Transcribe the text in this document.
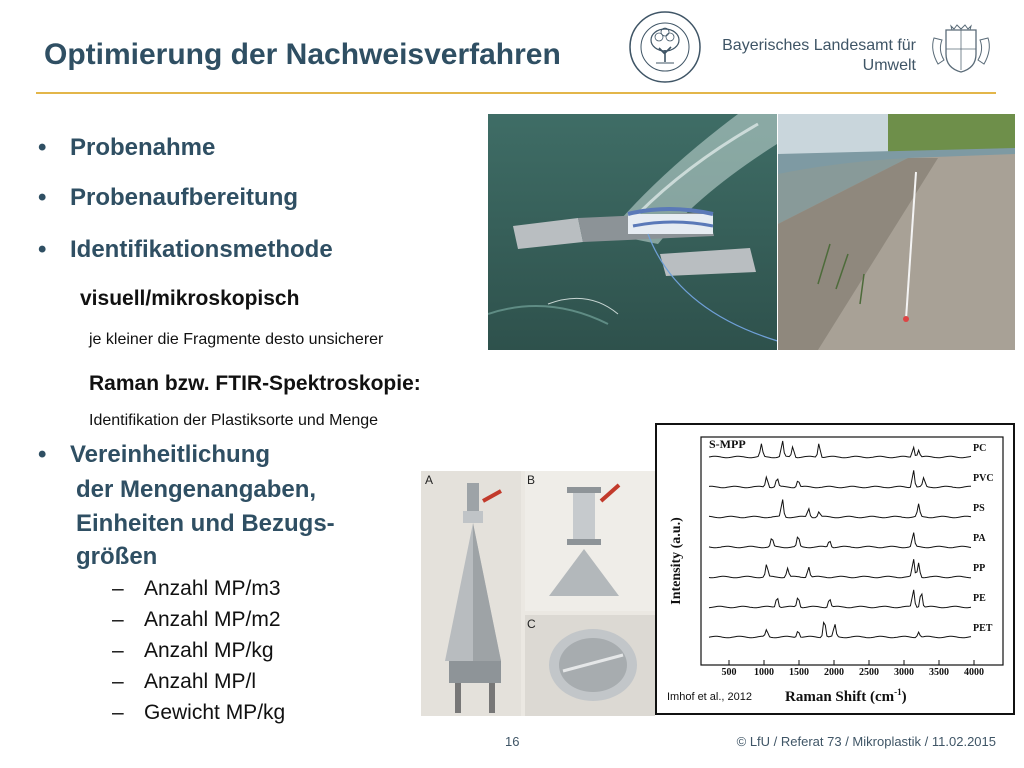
Optimierung der Nachweisverfahren	Bayerisches Landesamt für
Umwelt
• Probenahme
• Probenaufbereitung
• Identifikationsmethode
visuell/mikroskopisch
je kleiner die Fragmente desto unsicherer
Raman bzw. FTIR-Spektroskopie:
Identifikation der Plastiksorte und Menge
• Vereinheitlichung
der Mengenangaben,
Einheiten und Bezugs-
größen
– Anzahl MP/m3
– Anzahl MP/m2
– Anzahl MP/kg
– Anzahl MP/l
– Gewicht MP/kg
A	B
C
S-MPP
Intensity (a.u.)
PC
PVC
PS
PA
PP
PE
PET
500	1000 1500 2000 2500 3000 3500 4000
Raman Shift $(cm^{-1})$
Imhof et al., 2012
16	© LfU / Referat 73 / Mikroplastik / 11.02.2015
